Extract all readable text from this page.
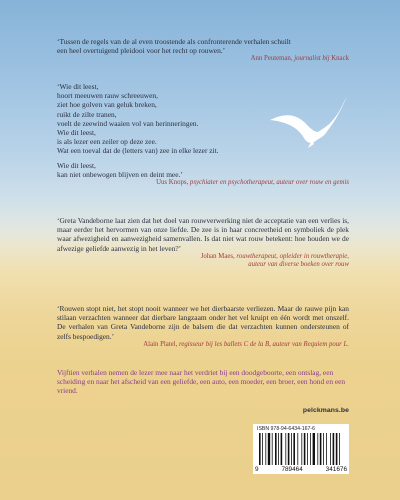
‘Tussen de regels van de al even troostende als confronterende verhalen schuilt
een heel overtuigend pleidooi voor het recht op rouwen.’
Ann Peuteman, journalist bij Knack
‘Wie dit leest,
hoort meeuwen rauw schreeuwen,
ziet hoe golven van geluk breken,
ruikt de zilte tranen,
voelt de zeewind waaien vol van herinneringen.
Wie dit leest,
is als lezer een zeiler op deze zee.
Wat een toeval dat de (letters van) zee in elke lezer zit.
Wie dit leest,
kan niet onbewogen blijven en deint mee.’
Uus Knops, psychiater en psychotherapeut, auteur over rouw en gemis

‘Greta Vandeborne laat zien dat het doel van rouwverwerking niet de acceptatie van een verlies is, maar eerder het hervormen van onze liefde. De zee is in haar concreetheid en symboliek de plek waar afwezigheid en aanwezigheid samenvallen. Is dat niet wat rouw betekent: hoe houden we de afwezige geliefde aanwezig in het leven?’

Johan Maes, rouwtherapeut, opleider in rouwtherapie,
auteur van diverse boeken over rouw

‘Rouwen stopt niet, het stopt nooit wanneer we het dierbaarste verliezen. Maar de rauwe pijn kan stilaan verzachten wanneer dat dierbare langzaam onder het vel kruipt en één wordt met onszelf. De verhalen van Greta Vandeborne zijn de balsem die dat verzachten kunnen ondersteunen of zelfs bespoedigen.’

Alain Platel, regisseur bij les ballets C de la B, auteur van Requiem pour L.

Vijftien verhalen nemen de lezer mee naar het verdriet bij een doodgeboorte, een ontslag, een scheiding en naar het afscheid van een geliefde, een auto, een moeder, een broer, een hond en een vriend.

pelckmans.be
ISBN 978-94-6434-167-6
9	789464	341676
